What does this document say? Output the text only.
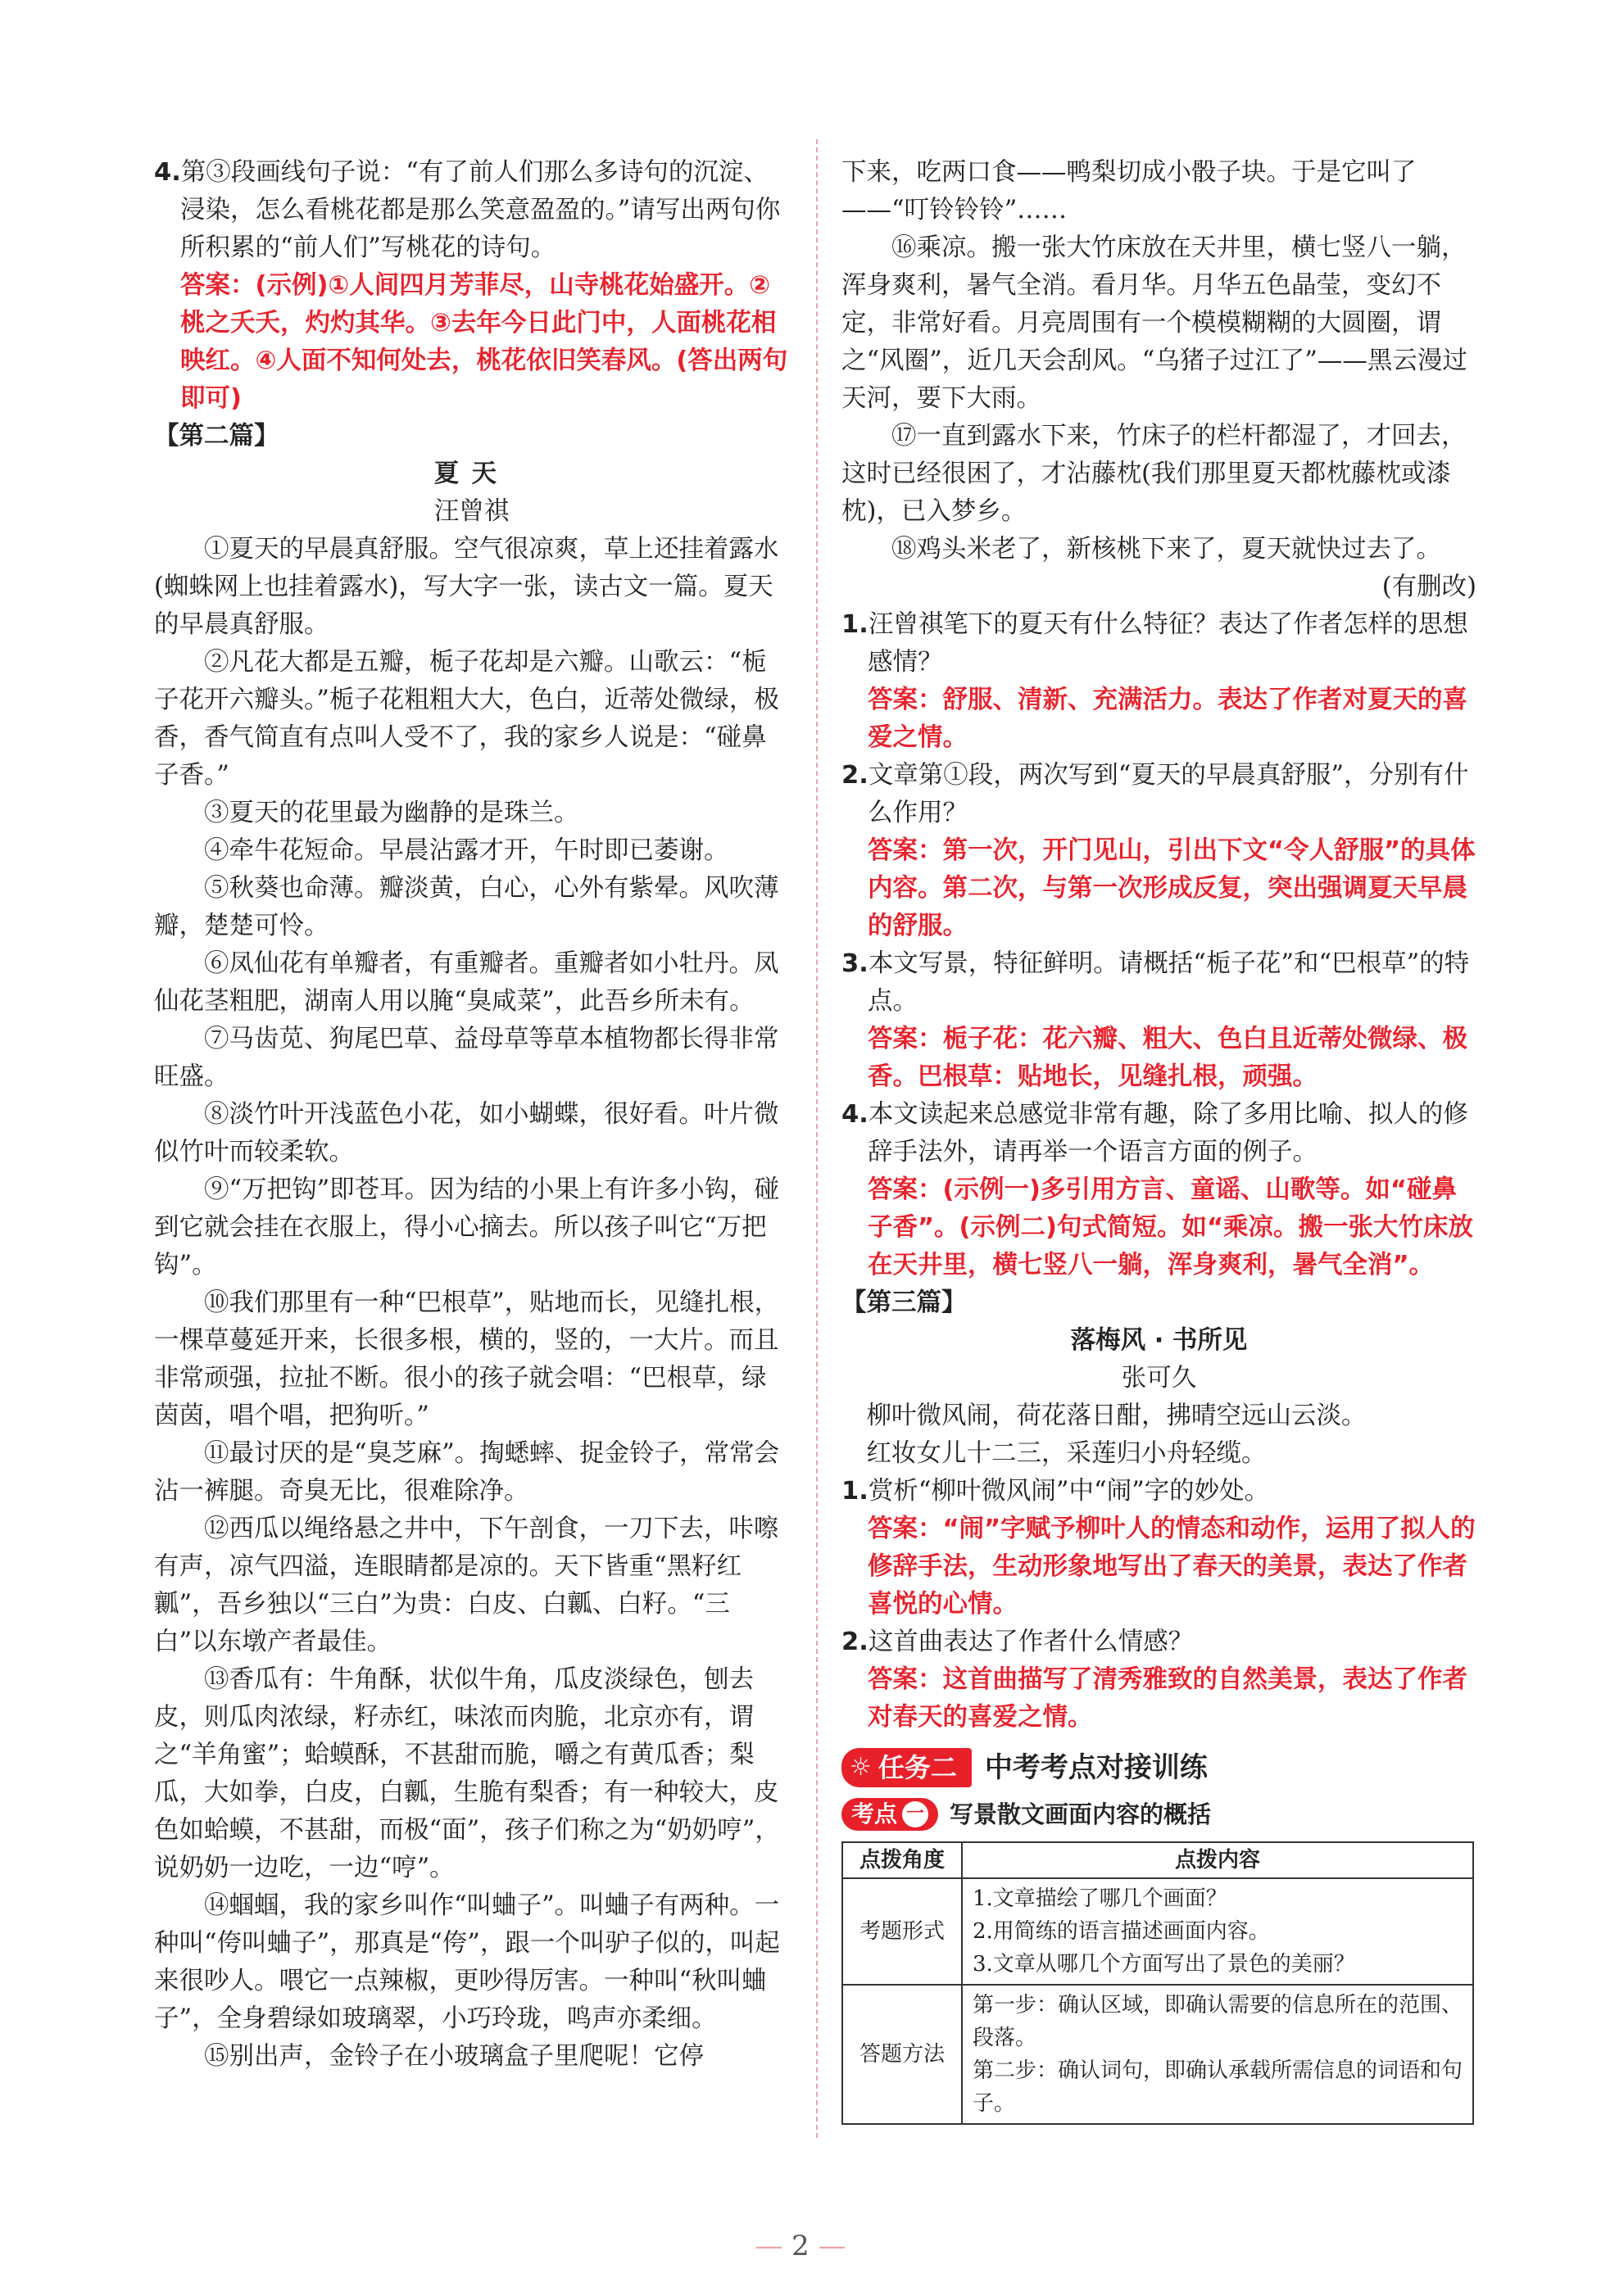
4.第③段画线句子说：“有了前人们那么多诗句的沉淀、浸染，怎么看桃花都是那么笑意盈盈的。”请写出两句你所积累的“前人们”写桃花的诗句。

答案：(示例)①人间四月芳菲尽，山寺桃花始盛开。②桃之夭夭，灼灼其华。③去年今日此门中，人面桃花相映红。④人面不知何处去，桃花依旧笑春风。(答出两句即可)

【第二篇】

夏天

汪曾祺

①夏天的早晨真舒服。空气很凉爽，草上还挂着露水(蜘蛛网上也挂着露水)，写大字一张，读古文一篇。夏天的早晨真舒服。

②凡花大都是五瓣，栀子花却是六瓣。山歌云：“栀子花开六瓣头。”栀子花粗粗大大，色白，近蒂处微绿，极香，香气简直有点叫人受不了，我的家乡人说是：“碰鼻子香。”

③夏天的花里最为幽静的是珠兰。

④牵牛花短命。早晨沾露才开，午时即已萎谢。

⑤秋葵也命薄。瓣淡黄，白心，心外有紫晕。风吹薄瓣，楚楚可怜。

⑥凤仙花有单瓣者，有重瓣者。重瓣者如小牡丹。凤仙花茎粗肥，湖南人用以腌“臭咸菜”，此吾乡所未有。

⑦马齿苋、狗尾巴草、益母草等草本植物都长得非常旺盛。

⑧淡竹叶开浅蓝色小花，如小蝴蝶，很好看。叶片微似竹叶而较柔软。

⑨“万把钩”即苍耳。因为结的小果上有许多小钩，碰到它就会挂在衣服上，得小心摘去。所以孩子叫它“万把钩”。

⑩我们那里有一种“巴根草”，贴地而长，见缝扎根，一棵草蔓延开来，长很多根，横的，竖的，一大片。而且非常顽强，拉扯不断。很小的孩子就会唱：“巴根草，绿茵茵，唱个唱，把狗听。”

⑪最讨厌的是“臭芝麻”。掏蟋蟀、捉金铃子，常常会沾一裤腿。奇臭无比，很难除净。

⑫西瓜以绳络悬之井中，下午剖食，一刀下去，咔嚓有声，凉气四溢，连眼睛都是凉的。天下皆重“黑籽红瓤”，吾乡独以“三白”为贵：白皮、白瓤、白籽。“三白”以东墩产者最佳。

⑬香瓜有：牛角酥，状似牛角，瓜皮淡绿色，刨去皮，则瓜肉浓绿，籽赤红，味浓而肉脆，北京亦有，谓之“羊角蜜”；蛤蟆酥，不甚甜而脆，嚼之有黄瓜香；梨瓜，大如拳，白皮，白瓤，生脆有梨香；有一种较大，皮色如蛤蟆，不甚甜，而极“面”，孩子们称之为“奶奶哼”，说奶奶一边吃，一边“哼”。

⑭蝈蝈，我的家乡叫作“叫蛐子”。叫蛐子有两种。一种叫“侉叫蛐子”，那真是“侉”，跟一个叫驴子似的，叫起来很吵人。喂它一点辣椒，更吵得厉害。一种叫“秋叫蛐子”，全身碧绿如玻璃翠，小巧玲珑，鸣声亦柔细。

⑮别出声，金铃子在小玻璃盒子里爬呢！它停

下来，吃两口食——鸭梨切成小骰子块。于是它叫了——“叮铃铃铃”……

⑯乘凉。搬一张大竹床放在天井里，横七竖八一躺，浑身爽利，暑气全消。看月华。月华五色晶莹，变幻不定，非常好看。月亮周围有一个模模糊糊的大圆圈，谓之“风圈”，近几天会刮风。“乌猪子过江了”——黑云漫过天河，要下大雨。

⑰一直到露水下来，竹床子的栏杆都湿了，才回去，这时已经很困了，才沾藤枕(我们那里夏天都枕藤枕或漆枕)，已入梦乡。

⑱鸡头米老了，新核桃下来了，夏天就快过去了。

(有删改)

1.汪曾祺笔下的夏天有什么特征？表达了作者怎样的思想感情？

答案：舒服、清新、充满活力。表达了作者对夏天的喜爱之情。

2.文章第①段，两次写到“夏天的早晨真舒服”，分别有什么作用？

答案：第一次，开门见山，引出下文“令人舒服”的具体内容。第二次，与第一次形成反复，突出强调夏天早晨的舒服。

3.本文写景，特征鲜明。请概括“栀子花”和“巴根草”的特点。

答案：栀子花：花六瓣、粗大、色白且近蒂处微绿、极香。巴根草：贴地长，见缝扎根，顽强。

4.本文读起来总感觉非常有趣，除了多用比喻、拟人的修辞手法外，请再举一个语言方面的例子。

答案：(示例一)多引用方言、童谣、山歌等。如“碰鼻子香”。(示例二)句式简短。如“乘凉。搬一张大竹床放在天井里，横七竖八一躺，浑身爽利，暑气全消”。

【第三篇】

落梅风 · 书所见

张可久

柳叶微风闹，荷花落日酣，拂晴空远山云淡。

红妆女儿十二三，采莲归小舟轻缆。

1.赏析“柳叶微风闹”中“闹”字的妙处。

答案：“闹”字赋予柳叶人的情态和动作，运用了拟人的修辞手法，生动形象地写出了春天的美景，表达了作者喜悦的心情。

2.这首曲表达了作者什么情感？

答案：这首曲描写了清秀雅致的自然美景，表达了作者对春天的喜爱之情。

☼ 任务二 中考考点对接训练
考点 一 写景散文画面内容的概括
点拨角度	点拨内容
考题形式	1.文章描绘了哪几个画面？
2.用简练的语言描述画面内容。
3.文章从哪几个方面写出了景色的美丽？

答题方法	第一步：确认区域，即确认需要的信息所在的范围、段落。
第二步：确认词句，即确认承载所需信息的词语和句子。
— 2 —
